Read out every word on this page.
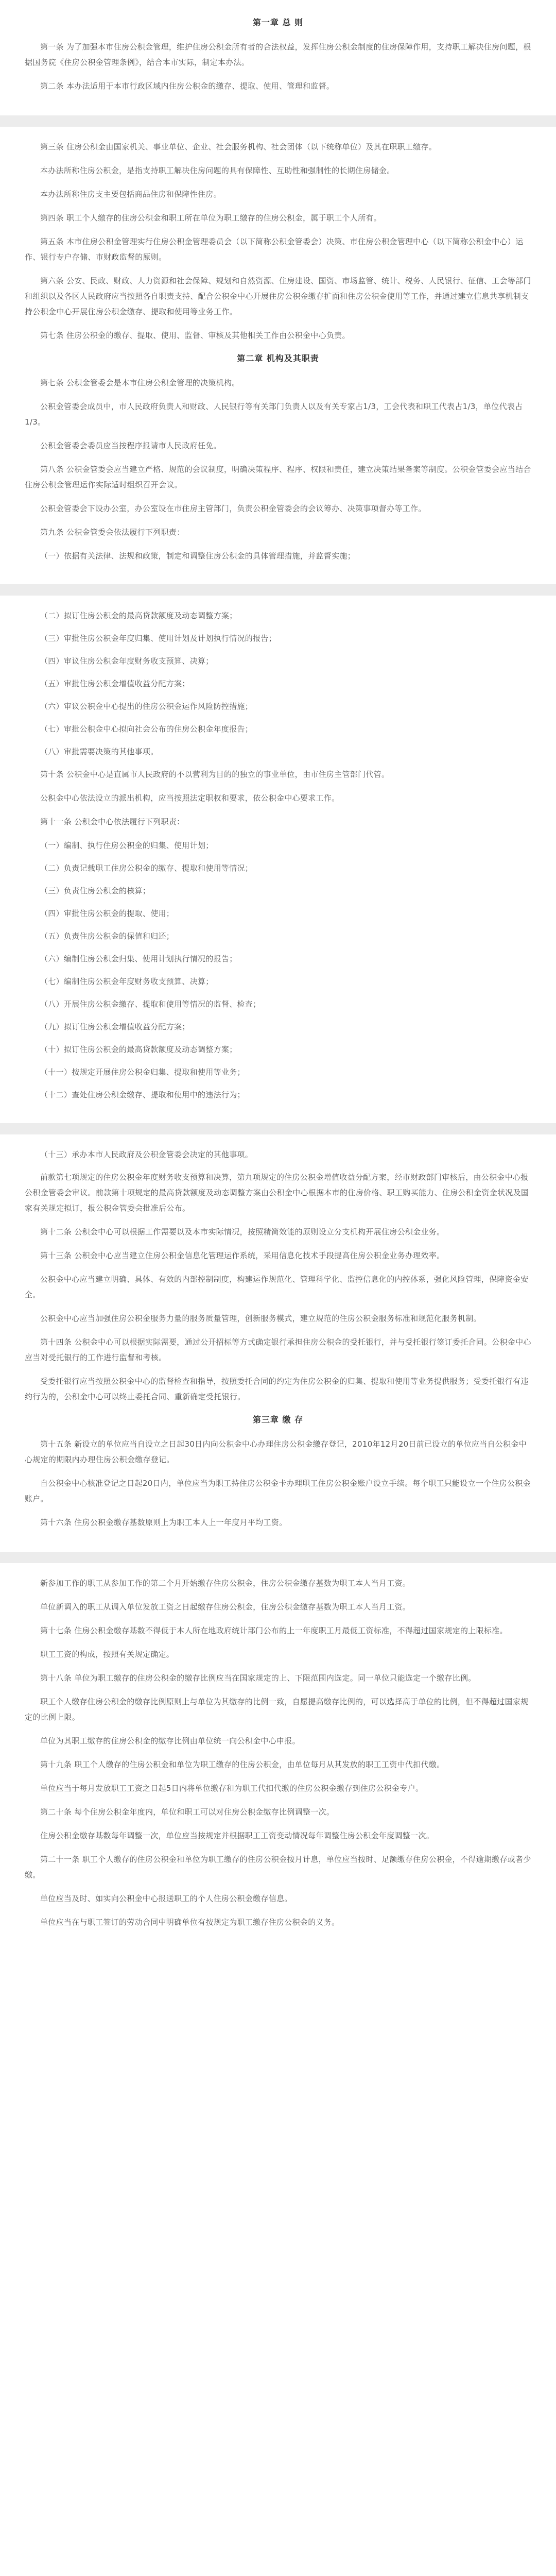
第一章 总 则

第一条 为了加强本市住房公积金管理，维护住房公积金所有者的合法权益，发挥住房公积金制度的住房保障作用，支持职工解决住房问题，根据国务院《住房公积金管理条例》，结合本市实际，制定本办法。

第二条 本办法适用于本市行政区域内住房公积金的缴存、提取、使用、管理和监督。

第三条 住房公积金由国家机关、事业单位、企业、社会服务机构、社会团体（以下统称单位）及其在职职工缴存。

本办法所称住房公积金，是指支持职工解决住房问题的具有保障性、互助性和强制性的长期住房储金。

本办法所称住房支主要包括商品住房和保障性住房。

第四条 职工个人缴存的住房公积金和职工所在单位为职工缴存的住房公积金，属于职工个人所有。

第五条 本市住房公积金管理实行住房公积金管理委员会（以下简称公积金管委会）决策、市住房公积金管理中心（以下简称公积金中心）运作、银行专户存储、市财政监督的原则。

第六条 公安、民政、财政、人力资源和社会保障、规划和自然资源、住房建设、国资、市场监管、统计、税务、人民银行、征信、工会等部门和组织以及各区人民政府应当按照各自职责支持、配合公积金中心开展住房公积金缴存扩面和住房公积金使用等工作，并通过建立信息共享机制支持公积金中心开展住房公积金缴存、提取和使用等业务工作。

第七条 住房公积金的缴存、提取、使用、监督、审核及其他相关工作由公积金中心负责。

第二章 机构及其职责

第七条 公积金管委会是本市住房公积金管理的决策机构。

公积金管委会成员中，市人民政府负责人和财政、人民银行等有关部门负责人以及有关专家占1/3，工会代表和职工代表占1/3，单位代表占1/3。

公积金管委会委员应当按程序报请市人民政府任免。

第八条 公积金管委会应当建立严格、规范的会议制度，明确决策程序、程序、权限和责任，建立决策结果备案等制度。公积金管委会应当结合住房公积金管理运作实际适时组织召开会议。

公积金管委会下设办公室，办公室设在市住房主管部门，负责公积金管委会的会议筹办、决策事项督办等工作。

第九条 公积金管委会依法履行下列职责：

（一）依据有关法律、法规和政策，制定和调整住房公积金的具体管理措施，并监督实施；

（二）拟订住房公积金的最高贷款额度及动态调整方案；

（三）审批住房公积金年度归集、使用计划及计划执行情况的报告；

（四）审议住房公积金年度财务收支预算、决算；

（五）审批住房公积金增值收益分配方案；

（六）审议公积金中心提出的住房公积金运作风险防控措施；

（七）审批公积金中心拟向社会公布的住房公积金年度报告；

（八）审批需要决策的其他事项。

第十条 公积金中心是直属市人民政府的不以营利为目的的独立的事业单位，由市住房主管部门代管。

公积金中心依法设立的派出机构，应当按照法定职权和要求，依公积金中心要求工作。

第十一条 公积金中心依法履行下列职责：

（一）编制、执行住房公积金的归集、使用计划；

（二）负责记载职工住房公积金的缴存、提取和使用等情况；

（三）负责住房公积金的核算；

（四）审批住房公积金的提取、使用；

（五）负责住房公积金的保值和归还；

（六）编制住房公积金归集、使用计划执行情况的报告；

（七）编制住房公积金年度财务收支预算、决算；

（八）开展住房公积金缴存、提取和使用等情况的监督、检查；

（九）拟订住房公积金增值收益分配方案；

（十）拟订住房公积金的最高贷款额度及动态调整方案；

（十一）按规定开展住房公积金归集、提取和使用等业务；

（十二）查处住房公积金缴存、提取和使用中的违法行为；

（十三）承办本市人民政府及公积金管委会决定的其他事项。

前款第七项规定的住房公积金年度财务收支预算和决算，第九项规定的住房公积金增值收益分配方案，经市财政部门审核后，由公积金中心报公积金管委会审议。前款第十项规定的最高贷款额度及动态调整方案由公积金中心根据本市的住房价格、职工购买能力、住房公积金资金状况及国家有关规定拟订，报公积金管委会批准后公布。

第十二条 公积金中心可以根据工作需要以及本市实际情况，按照精简效能的原则设立分支机构开展住房公积金业务。

第十三条 公积金中心应当建立住房公积金信息化管理运作系统，采用信息化技术手段提高住房公积金业务办理效率。

公积金中心应当建立明确、具体、有效的内部控制制度，构建运作规范化、管理科学化、监控信息化的内控体系，强化风险管理，保障资金安全。

公积金中心应当加强住房公积金服务力量的服务质量管理，创新服务模式，建立规范的住房公积金服务标准和规范化服务机制。

第十四条 公积金中心可以根据实际需要，通过公开招标等方式确定银行承担住房公积金的受托银行，并与受托银行签订委托合同。公积金中心应当对受托银行的工作进行监督和考核。

受委托银行应当按照公积金中心的监督检查和指导，按照委托合同的约定为住房公积金的归集、提取和使用等业务提供服务；受委托银行有违约行为的，公积金中心可以终止委托合同、重新确定受托银行。

第三章 缴 存

第十五条 新设立的单位应当自设立之日起30日内向公积金中心办理住房公积金缴存登记，2010年12月20日前已设立的单位应当自公积金中心规定的期限内办理住房公积金缴存登记。

自公积金中心核准登记之日起20日内，单位应当为职工持住房公积金卡办理职工住房公积金账户设立手续。每个职工只能设立一个住房公积金账户。

第十六条 住房公积金缴存基数原则上为职工本人上一年度月平均工资。

新参加工作的职工从参加工作的第二个月开始缴存住房公积金，住房公积金缴存基数为职工本人当月工资。

单位新调入的职工从调入单位发放工资之日起缴存住房公积金，住房公积金缴存基数为职工本人当月工资。

第十七条 住房公积金缴存基数不得低于本人所在地政府统计部门公布的上一年度职工月最低工资标准，不得超过国家规定的上限标准。

职工工资的构成，按照有关规定确定。

第十八条 单位为职工缴存的住房公积金的缴存比例应当在国家规定的上、下限范围内选定。同一单位只能选定一个缴存比例。

职工个人缴存住房公积金的缴存比例原则上与单位为其缴存的比例一致，自愿提高缴存比例的，可以选择高于单位的比例，但不得超过国家规定的比例上限。

单位为其职工缴存的住房公积金的缴存比例由单位统一向公积金中心申报。

第十九条 职工个人缴存的住房公积金和单位为职工缴存的住房公积金，由单位每月从其发放的职工工资中代扣代缴。

单位应当于每月发放职工工资之日起5日内将单位缴存和为职工代扣代缴的住房公积金缴存到住房公积金专户。

第二十条 每个住房公积金年度内，单位和职工可以对住房公积金缴存比例调整一次。

住房公积金缴存基数每年调整一次，单位应当按规定并根据职工工资变动情况每年调整住房公积金年度调整一次。

第二十一条 职工个人缴存的住房公积金和单位为职工缴存的住房公积金按月计息，单位应当按时、足额缴存住房公积金，不得逾期缴存或者少缴。

单位应当及时、如实向公积金中心报送职工的个人住房公积金缴存信息。

单位应当在与职工签订的劳动合同中明确单位有按规定为职工缴存住房公积金的义务。
